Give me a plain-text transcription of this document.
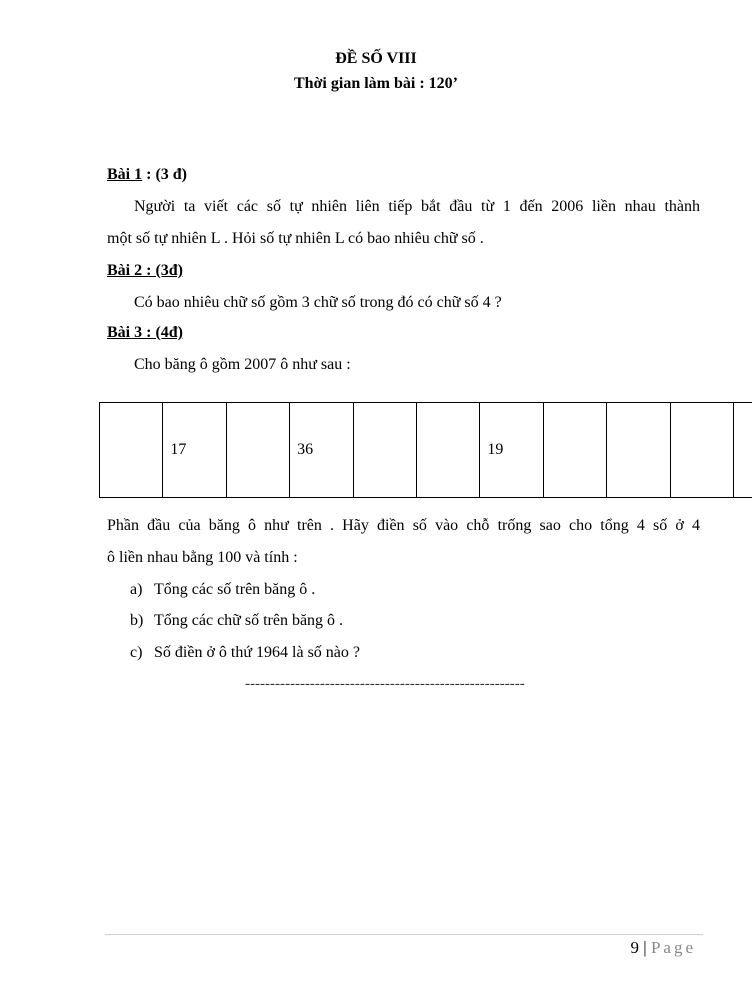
ĐỀ SỐ VIII
Thời gian làm bài : 120’
Bài 1 : (3 đ)
Người ta viết các số tự nhiên liên tiếp bắt đầu từ 1 đến 2006 liền nhau thành
một số tự nhiên L . Hỏi số tự nhiên L có bao nhiêu chữ số .
Bài 2 : (3đ)
Có bao nhiêu chữ số gồm 3 chữ số trong đó có chữ số 4 ?
Bài 3 : (4đ)
Cho băng ô gồm 2007 ô như sau :
	17		36			19				
Phần đầu của băng ô như trên . Hãy điền số vào chỗ trống sao cho tổng 4 số ở 4
ô liền nhau bằng 100 và tính :
a) Tổng các số trên băng ô .
b) Tổng các chữ số trên băng ô .
c) Số điền ở ô thứ 1964 là số nào ?
--------------------------------------------------------
9 | Page
